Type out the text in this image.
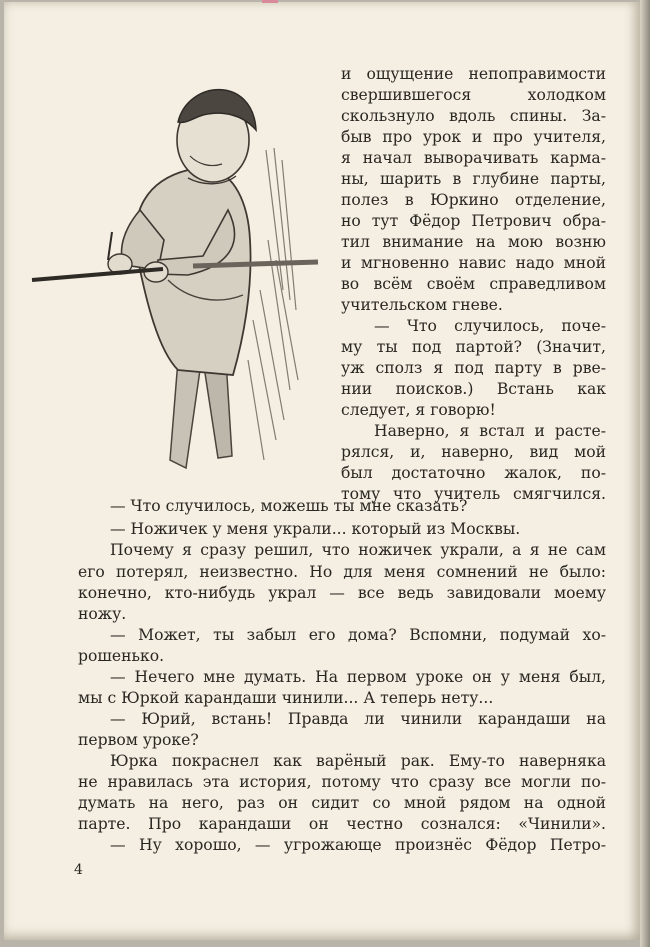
и ощущение непоправимости
свершившегося холодком
скользнуло вдоль спины. За-
быв про урок и про учителя,
я начал выворачивать карма-
ны, шарить в глубине парты,
полез в Юркино отделение,
но тут Фёдор Петрович обра-
тил внимание на мою возню
и мгновенно навис надо мной
во всём своём справедливом
учительском гневе.
— Что случилось, поче-
му ты под партой? (Значит,
уж сполз я под парту в рве-
нии поисков.) Встань как
следует, я говорю!
Наверно, я встал и расте-
рялся, и, наверно, вид мой
был достаточно жалок, по-
тому что учитель смягчился.
— Что случилось, можешь ты мне сказать?
— Ножичек у меня украли... который из Москвы.
Почему я сразу решил, что ножичек украли, а я не сам
его потерял, неизвестно. Но для меня сомнений не было:
конечно, кто-нибудь украл — все ведь завидовали моему
ножу.
— Может, ты забыл его дома? Вспомни, подумай хо-
рошенько.
— Нечего мне думать. На первом уроке он у меня был,
мы с Юркой карандаши чинили... А теперь нету...
— Юрий, встань! Правда ли чинили карандаши на
первом уроке?
Юрка покраснел как варёный рак. Ему-то наверняка
не нравилась эта история, потому что сразу все могли по-
думать на него, раз он сидит со мной рядом на одной
парте. Про карандаши он честно сознался: «Чинили».
— Ну хорошо, — угрожающе произнёс Фёдор Петро-
4
